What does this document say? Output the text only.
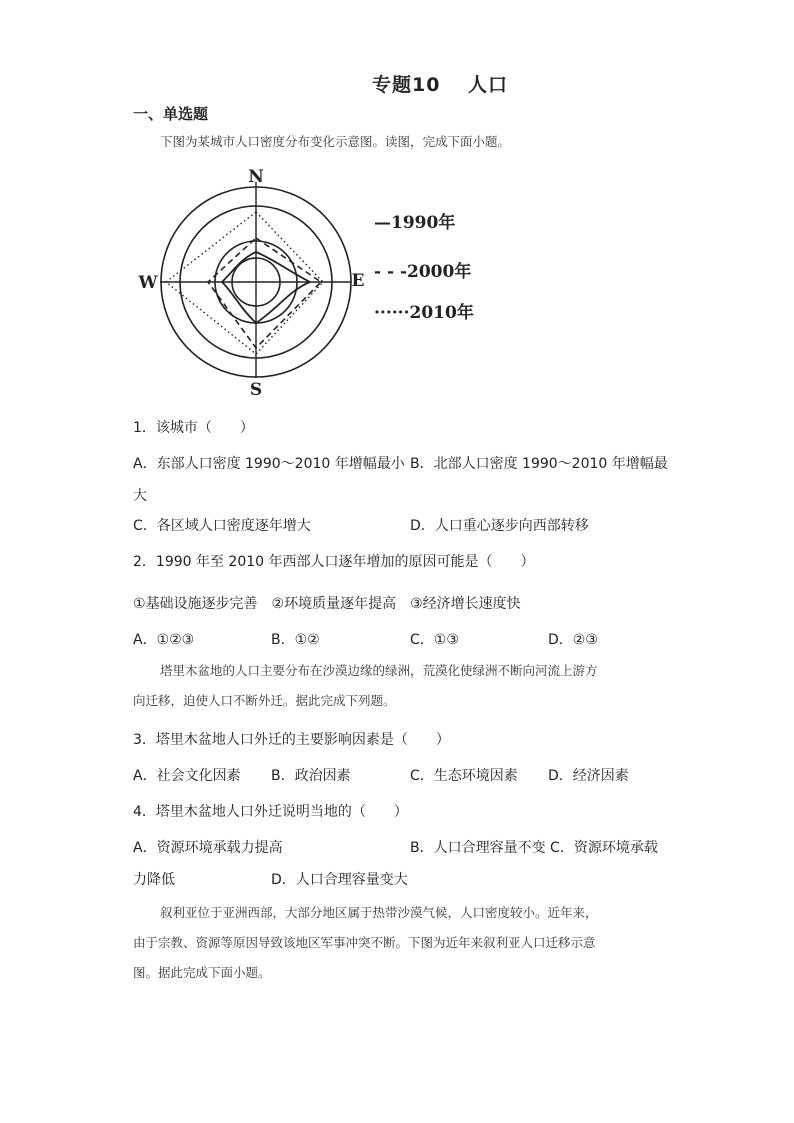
专题10　 人口
一、单选题
下图为某城市人口密度分布变化示意图。读图，完成下面小题。
N
S
W	E
—1990年
- - -2000年
······2010年
1．该城市（　　）
A．东部人口密度 1990～2010 年增幅最小 B．北部人口密度 1990～2010 年增幅最
大
C．各区域人口密度逐年增大	D．人口重心逐步向西部转移
2．1990 年至 2010 年西部人口逐年增加的原因可能是（　　）
①基础设施逐步完善　②环境质量逐年提高　③经济增长速度快
A．①②③	B．①②	C．①③	D．②③
塔里木盆地的人口主要分布在沙漠边缘的绿洲，荒漠化使绿洲不断向河流上游方
向迁移，迫使人口不断外迁。据此完成下列题。
3．塔里木盆地人口外迁的主要影响因素是（　　）
A．社会文化因素 B．政治因素	C．生态环境因素 D．经济因素
4．塔里木盆地人口外迁说明当地的（　　）
A．资源环境承载力提高	B．人口合理容量不变 C．资源环境承载
力降低	D．人口合理容量变大
叙利亚位于亚洲西部，大部分地区属于热带沙漠气候，人口密度较小。近年来，
由于宗教、资源等原因导致该地区军事冲突不断。下图为近年来叙利亚人口迁移示意
图。据此完成下面小题。
